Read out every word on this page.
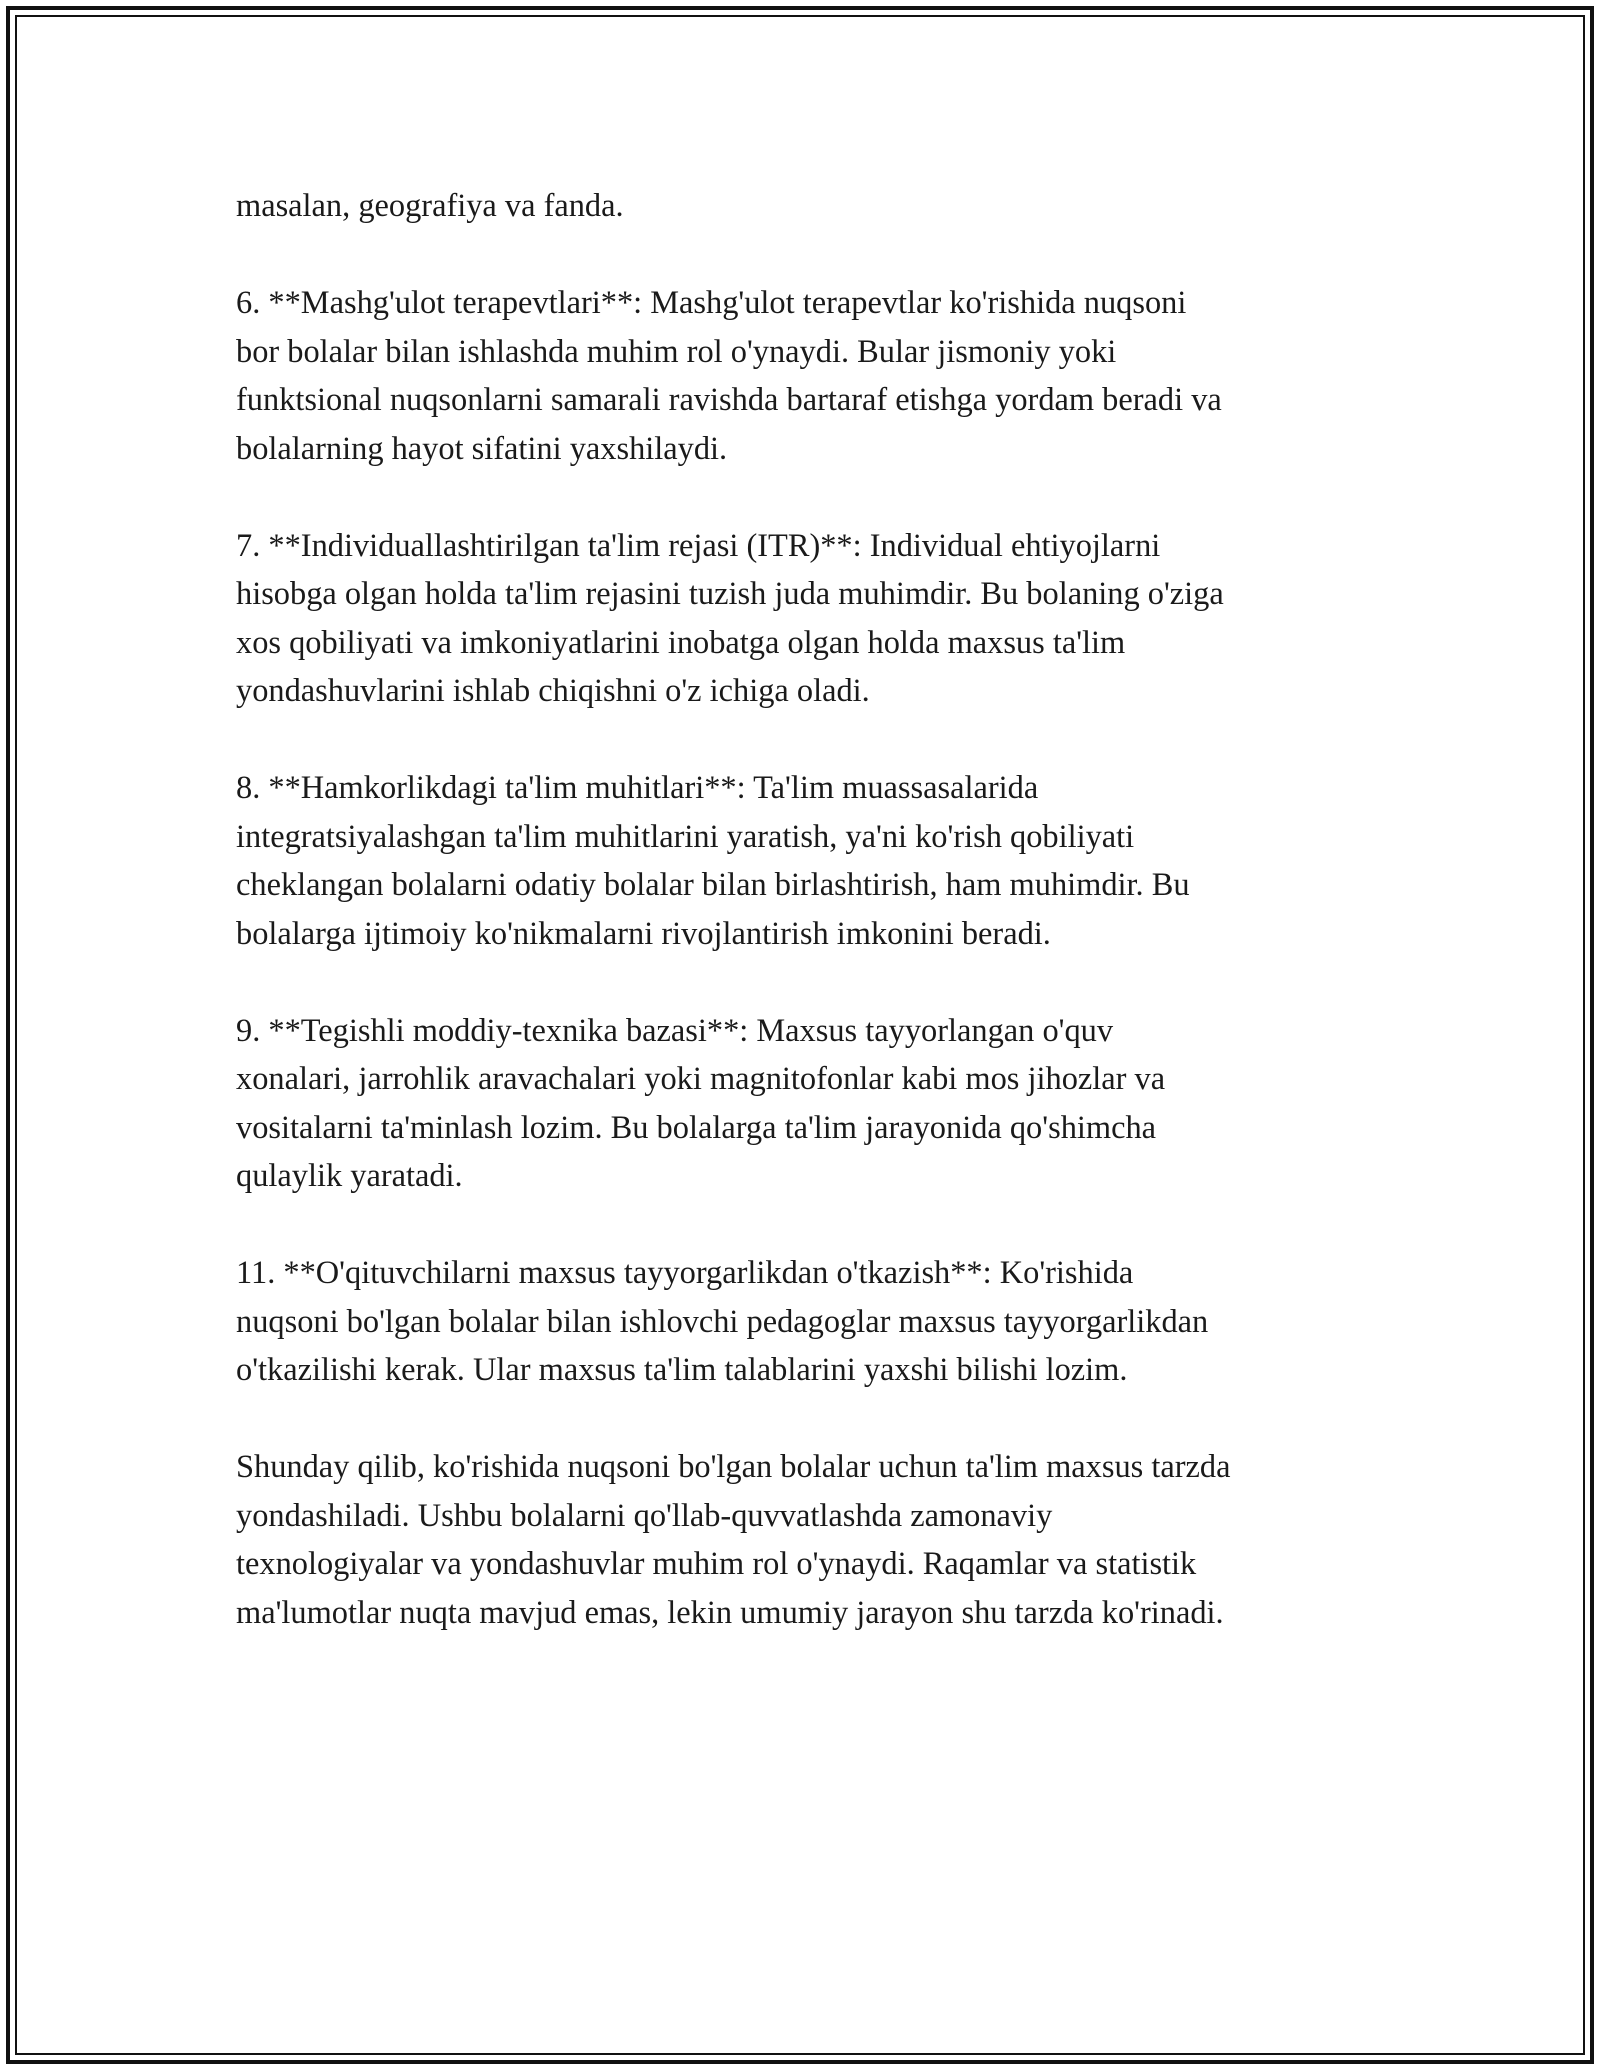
masalan, geografiya va fanda.

6. **Mashg'ulot terapevtlari**: Mashg'ulot terapevtlar ko'rishida nuqsoni
bor bolalar bilan ishlashda muhim rol o'ynaydi. Bular jismoniy yoki
funktsional nuqsonlarni samarali ravishda bartaraf etishga yordam beradi va
bolalarning hayot sifatini yaxshilaydi.

7. **Individuallashtirilgan ta'lim rejasi (ITR)**: Individual ehtiyojlarni
hisobga olgan holda ta'lim rejasini tuzish juda muhimdir. Bu bolaning o'ziga
xos qobiliyati va imkoniyatlarini inobatga olgan holda maxsus ta'lim
yondashuvlarini ishlab chiqishni o'z ichiga oladi.

8. **Hamkorlikdagi ta'lim muhitlari**: Ta'lim muassasalarida
integratsiyalashgan ta'lim muhitlarini yaratish, ya'ni ko'rish qobiliyati
cheklangan bolalarni odatiy bolalar bilan birlashtirish, ham muhimdir. Bu
bolalarga ijtimoiy ko'nikmalarni rivojlantirish imkonini beradi.

9. **Tegishli moddiy-texnika bazasi**: Maxsus tayyorlangan o'quv
xonalari, jarrohlik aravachalari yoki magnitofonlar kabi mos jihozlar va
vositalarni ta'minlash lozim. Bu bolalarga ta'lim jarayonida qo'shimcha
qulaylik yaratadi.

11. **O'qituvchilarni maxsus tayyorgarlikdan o'tkazish**: Ko'rishida
nuqsoni bo'lgan bolalar bilan ishlovchi pedagoglar maxsus tayyorgarlikdan
o'tkazilishi kerak. Ular maxsus ta'lim talablarini yaxshi bilishi lozim.

Shunday qilib, ko'rishida nuqsoni bo'lgan bolalar uchun ta'lim maxsus tarzda
yondashiladi. Ushbu bolalarni qo'llab-quvvatlashda zamonaviy
texnologiyalar va yondashuvlar muhim rol o'ynaydi. Raqamlar va statistik
ma'lumotlar nuqta mavjud emas, lekin umumiy jarayon shu tarzda ko'rinadi.
